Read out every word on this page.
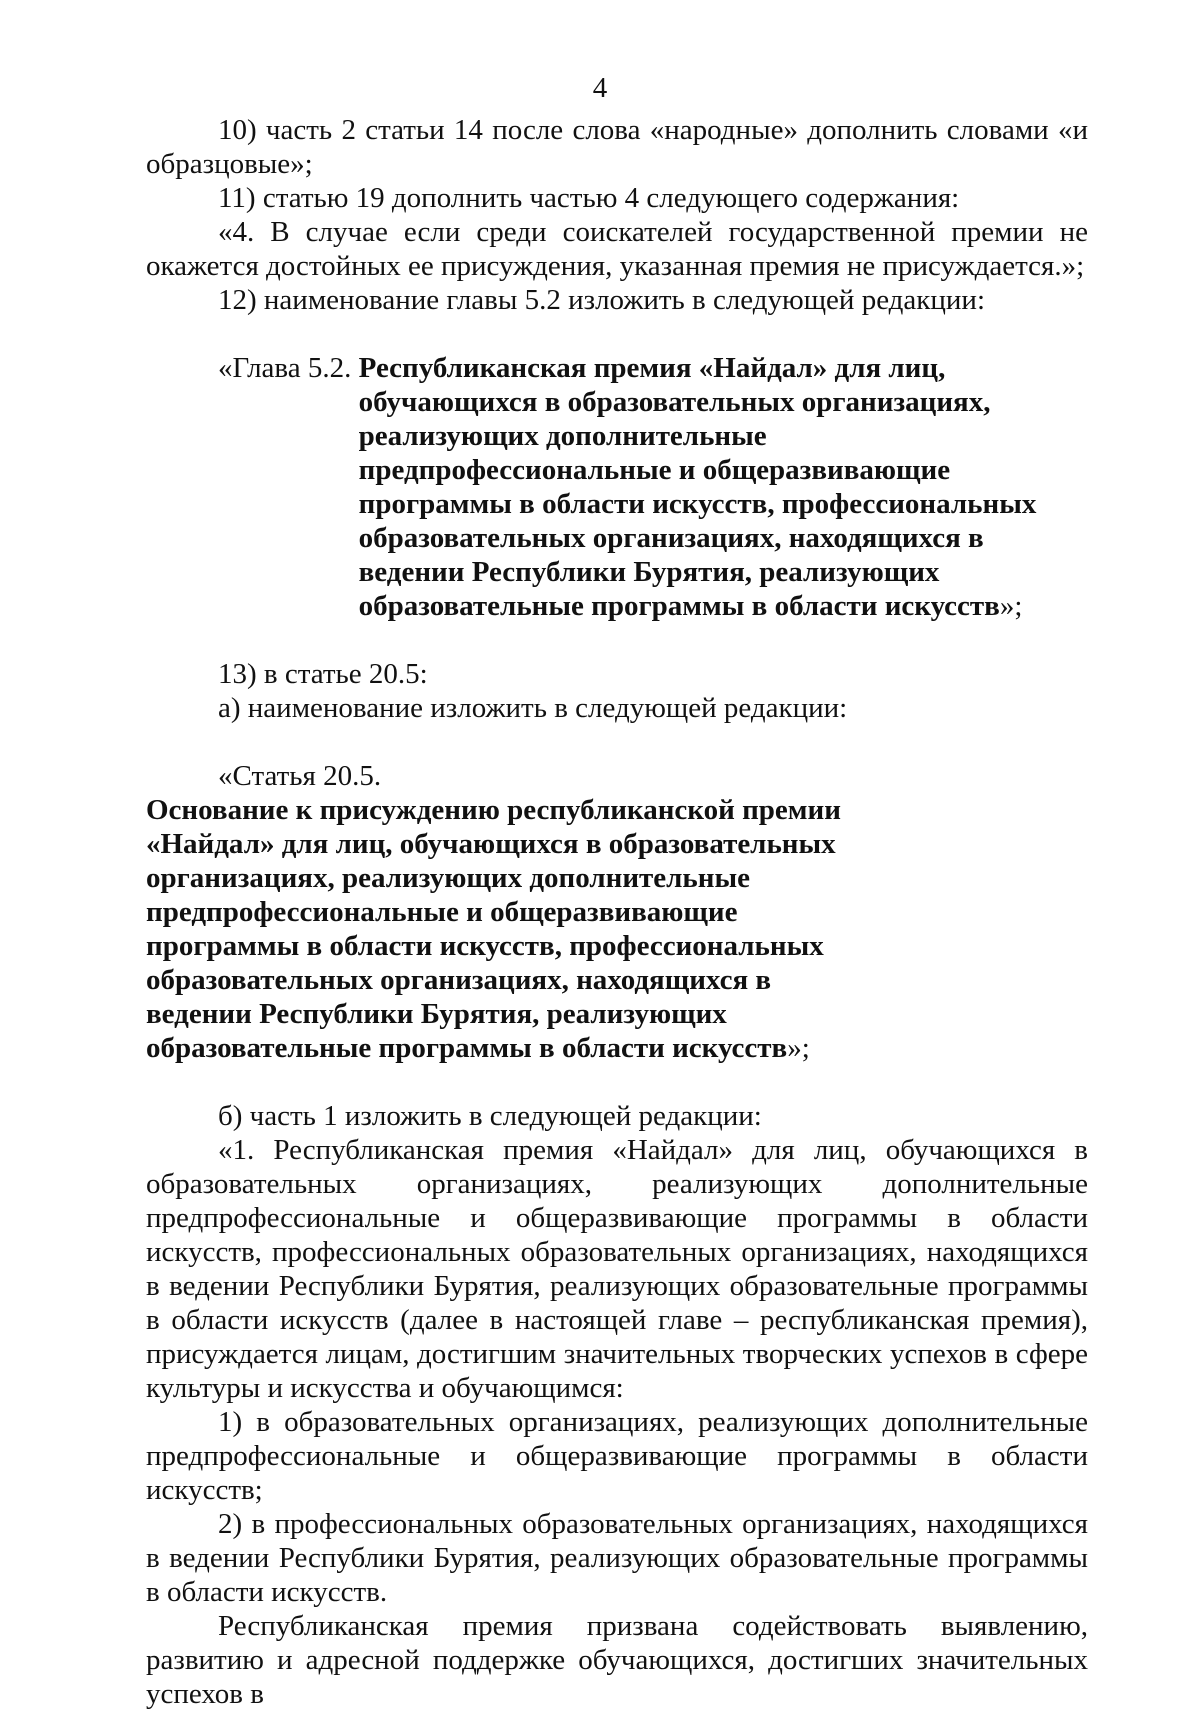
4

10) часть 2 статьи 14 после слова «народные» дополнить словами «и образцовые»;

11) статью 19 дополнить частью 4 следующего содержания:

«4. В случае если среди соискателей государственной премии не окажется достойных ее присуждения, указанная премия не присуждается.»;

12) наименование главы 5.2 изложить в следующей редакции:

«Глава 5.2. Республиканская премия «Найдал» для лиц, обучающихся в образовательных организациях, реализующих дополнительные предпрофессиональные и общеразвивающие программы в области искусств, профессиональных образовательных организациях, находящихся в ведении Республики Бурятия, реализующих образовательные программы в области искусств»;

13) в статье 20.5:

а) наименование изложить в следующей редакции:

«Статья 20.5. Основание к присуждению республиканской премии «Найдал» для лиц, обучающихся в образовательных организациях, реализующих дополнительные предпрофессиональные и общеразвивающие программы в области искусств, профессиональных образовательных организациях, находящихся в ведении Республики Бурятия, реализующих образовательные программы в области искусств»;

б) часть 1 изложить в следующей редакции:

«1. Республиканская премия «Найдал» для лиц, обучающихся в образовательных организациях, реализующих дополнительные предпрофессиональные и общеразвивающие программы в области искусств, профессиональных образовательных организациях, находящихся в ведении Республики Бурятия, реализующих образовательные программы в области искусств (далее в настоящей главе – республиканская премия), присуждается лицам, достигшим значительных творческих успехов в сфере культуры и искусства и обучающимся:

1) в образовательных организациях, реализующих дополнительные предпрофессиональные и общеразвивающие программы в области искусств;

2) в профессиональных образовательных организациях, находящихся в ведении Республики Бурятия, реализующих образовательные программы в области искусств.

Республиканская премия призвана содействовать выявлению, развитию и адресной поддержке обучающихся, достигших значительных успехов в
